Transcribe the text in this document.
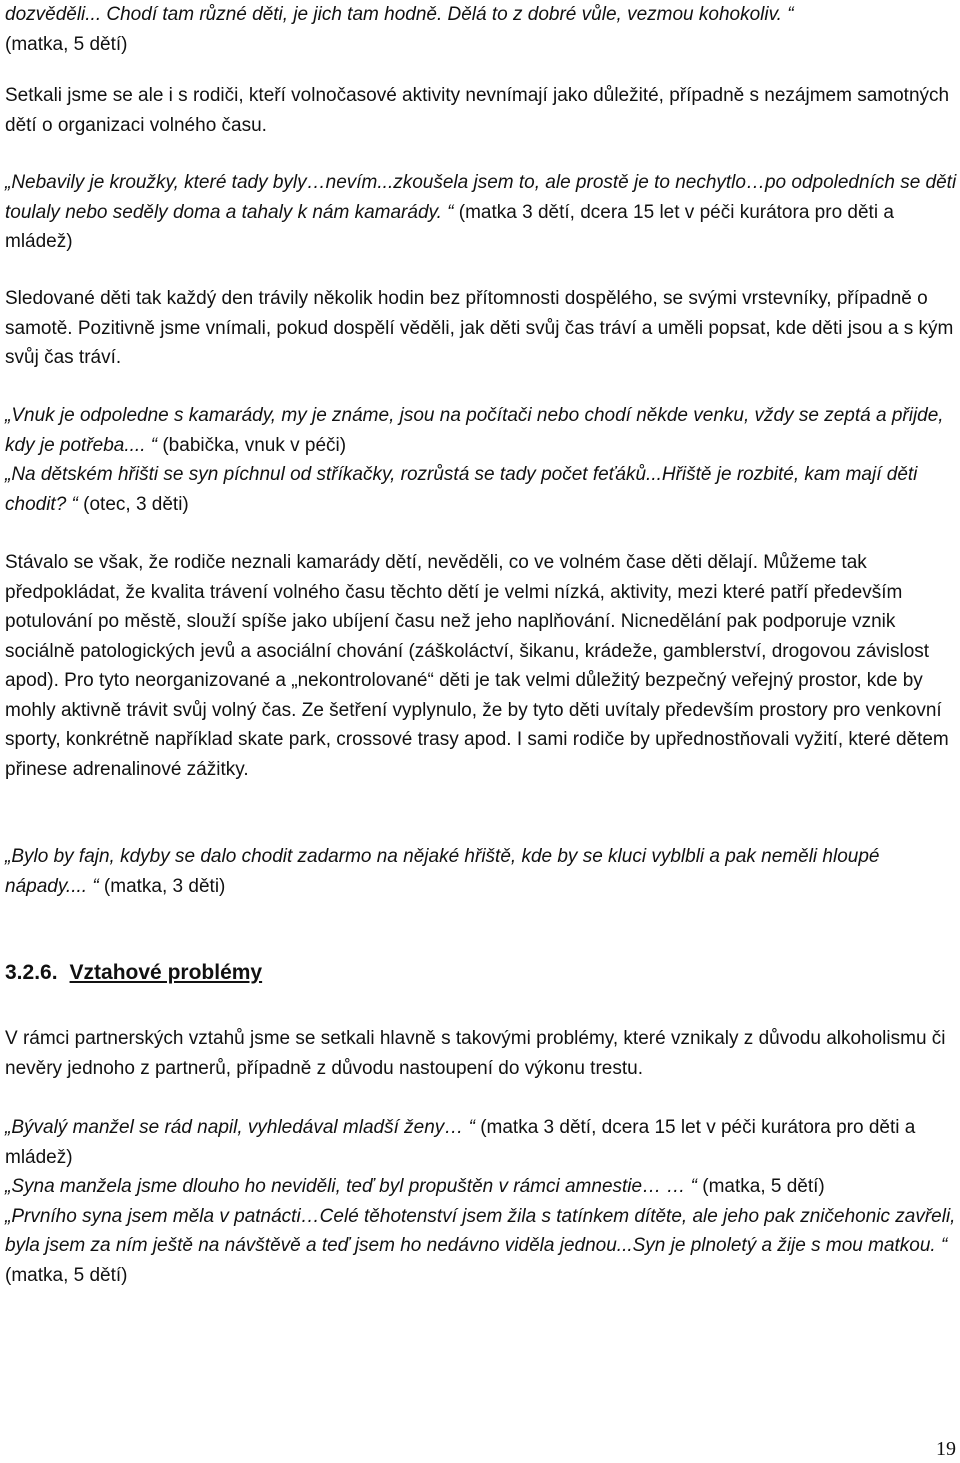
dozvěděli... Chodí tam různé děti, je jich tam hodně. Dělá to z dobré vůle, vezmou kohokoliv. “
(matka, 5 dětí)

Setkali jsme se ale i s rodiči, kteří volnočasové aktivity nevnímají jako důležité, případně s nezájmem samotných dětí o organizaci volného času.

„Nebavily je kroužky, které tady byly…nevím...zkoušela jsem to, ale prostě je to nechytlo…po odpoledních se děti toulaly nebo seděly doma a tahaly k nám kamarády. “ (matka 3 dětí, dcera 15 let v péči kurátora pro děti a mládež)

Sledované děti tak každý den trávily několik hodin bez přítomnosti dospělého, se svými vrstevníky, případně o samotě. Pozitivně jsme vnímali, pokud dospělí věděli, jak děti svůj čas tráví a uměli popsat, kde děti jsou a s kým svůj čas tráví.

„Vnuk je odpoledne s kamarády, my je známe, jsou na počítači nebo chodí někde venku, vždy se zeptá a přijde, kdy je potřeba.... “ (babička, vnuk v péči)
„Na dětském hřišti se syn píchnul od stříkačky, rozrůstá se tady počet feťáků...Hřiště je rozbité, kam mají děti chodit? “ (otec, 3 děti)

Stávalo se však, že rodiče neznali kamarády dětí, nevěděli, co ve volném čase děti dělají. Můžeme tak předpokládat, že kvalita trávení volného času těchto dětí je velmi nízká, aktivity, mezi které patří především potulování po městě, slouží spíše jako ubíjení času než jeho naplňování. Nicnedělání pak podporuje vznik sociálně patologických jevů a asociální chování (záškoláctví, šikanu, krádeže, gamblerství, drogovou závislost apod). Pro tyto neorganizované a „nekontrolované“ děti je tak velmi důležitý bezpečný veřejný prostor, kde by mohly aktivně trávit svůj volný čas. Ze šetření vyplynulo, že by tyto děti uvítaly především prostory pro venkovní sporty, konkrétně například skate park, crossové trasy apod. I sami rodiče by upřednostňovali vyžití, které dětem přinese adrenalinové zážitky.

„Bylo by fajn, kdyby se dalo chodit zadarmo na nějaké hřiště, kde by se kluci vyblbli a pak neměli hloupé nápady.... “ (matka, 3 děti)

3.2.6. Vztahové problémy

V rámci partnerských vztahů jsme se setkali hlavně s takovými problémy, které vznikaly z důvodu alkoholismu či nevěry jednoho z partnerů, případně z důvodu nastoupení do výkonu trestu.

„Bývalý manžel se rád napil, vyhledával mladší ženy… “ (matka 3 dětí, dcera 15 let v péči kurátora pro děti a mládež)
„Syna manžela jsme dlouho ho neviděli, teď byl propuštěn v rámci amnestie… … “ (matka, 5 dětí)
„Prvního syna jsem měla v patnácti…Celé těhotenství jsem žila s tatínkem dítěte, ale jeho pak zničehonic zavřeli, byla jsem za ním ještě na návštěvě a teď jsem ho nedávno viděla jednou...Syn je plnoletý a žije s mou matkou. “ (matka, 5 dětí)

19
